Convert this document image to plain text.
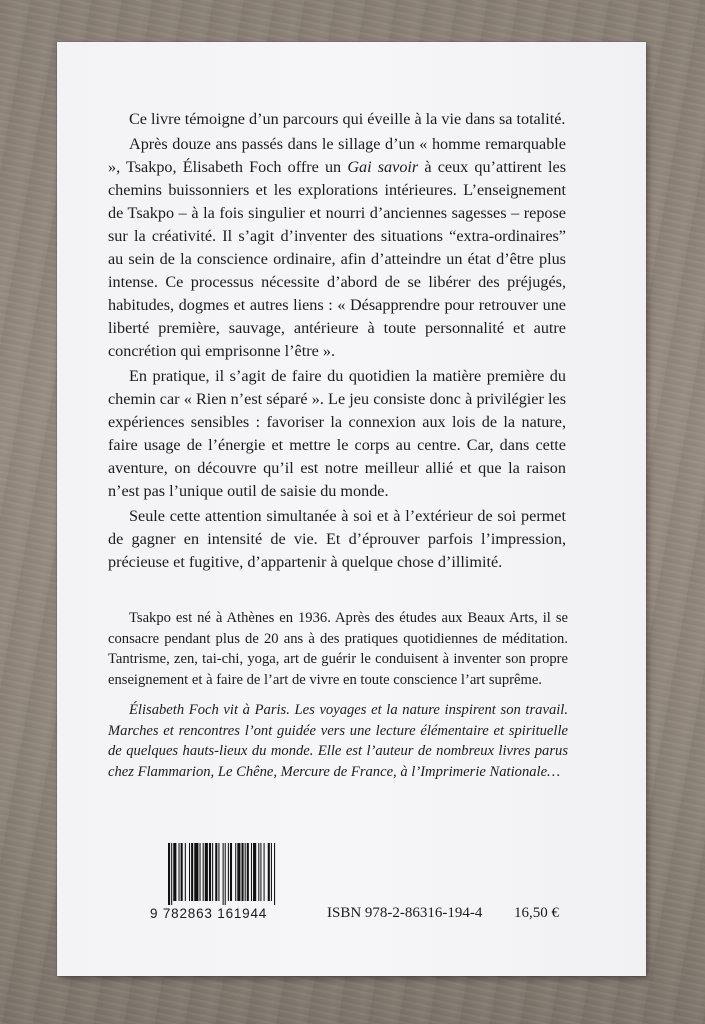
Ce livre témoigne d’un parcours qui éveille à la vie dans sa totalité.

Après douze ans passés dans le sillage d’un « homme remarquable », Tsakpo, Élisabeth Foch offre un Gai savoir à ceux qu’attirent les chemins buissonniers et les explorations intérieures. L’enseignement de Tsakpo – à la fois singulier et nourri d’anciennes sagesses – repose sur la créativité. Il s’agit d’inventer des situations “extra-ordinaires” au sein de la conscience ordinaire, afin d’atteindre un état d’être plus intense. Ce processus nécessite d’abord de se libérer des préjugés, habitudes, dogmes et autres liens : « Désapprendre pour retrouver une liberté première, sauvage, antérieure à toute personnalité et autre concrétion qui emprisonne l’être ».

En pratique, il s’agit de faire du quotidien la matière première du chemin car « Rien n’est séparé ». Le jeu consiste donc à privilégier les expériences sensibles : favoriser la connexion aux lois de la nature, faire usage de l’énergie et mettre le corps au centre. Car, dans cette aventure, on découvre qu’il est notre meilleur allié et que la raison n’est pas l’unique outil de saisie du monde.

Seule cette attention simultanée à soi et à l’extérieur de soi permet de gagner en intensité de vie. Et d’éprouver parfois l’impression, précieuse et fugitive, d’appartenir à quelque chose d’illimité.

Tsakpo est né à Athènes en 1936. Après des études aux Beaux Arts, il se consacre pendant plus de 20 ans à des pratiques quotidiennes de méditation. Tantrisme, zen, tai-chi, yoga, art de guérir le conduisent à inventer son propre enseignement et à faire de l’art de vivre en toute conscience l’art suprême.

Élisabeth Foch vit à Paris. Les voyages et la nature inspirent son travail. Marches et rencontres l’ont guidée vers une lecture élémentaire et spirituelle de quelques hauts-lieux du monde. Elle est l’auteur de nombreux livres parus chez Flammarion, Le Chêne, Mercure de France, à l’Imprimerie Nationale…

9 782863 161944	ISBN 978-2-86316-194-4 16,50 €
